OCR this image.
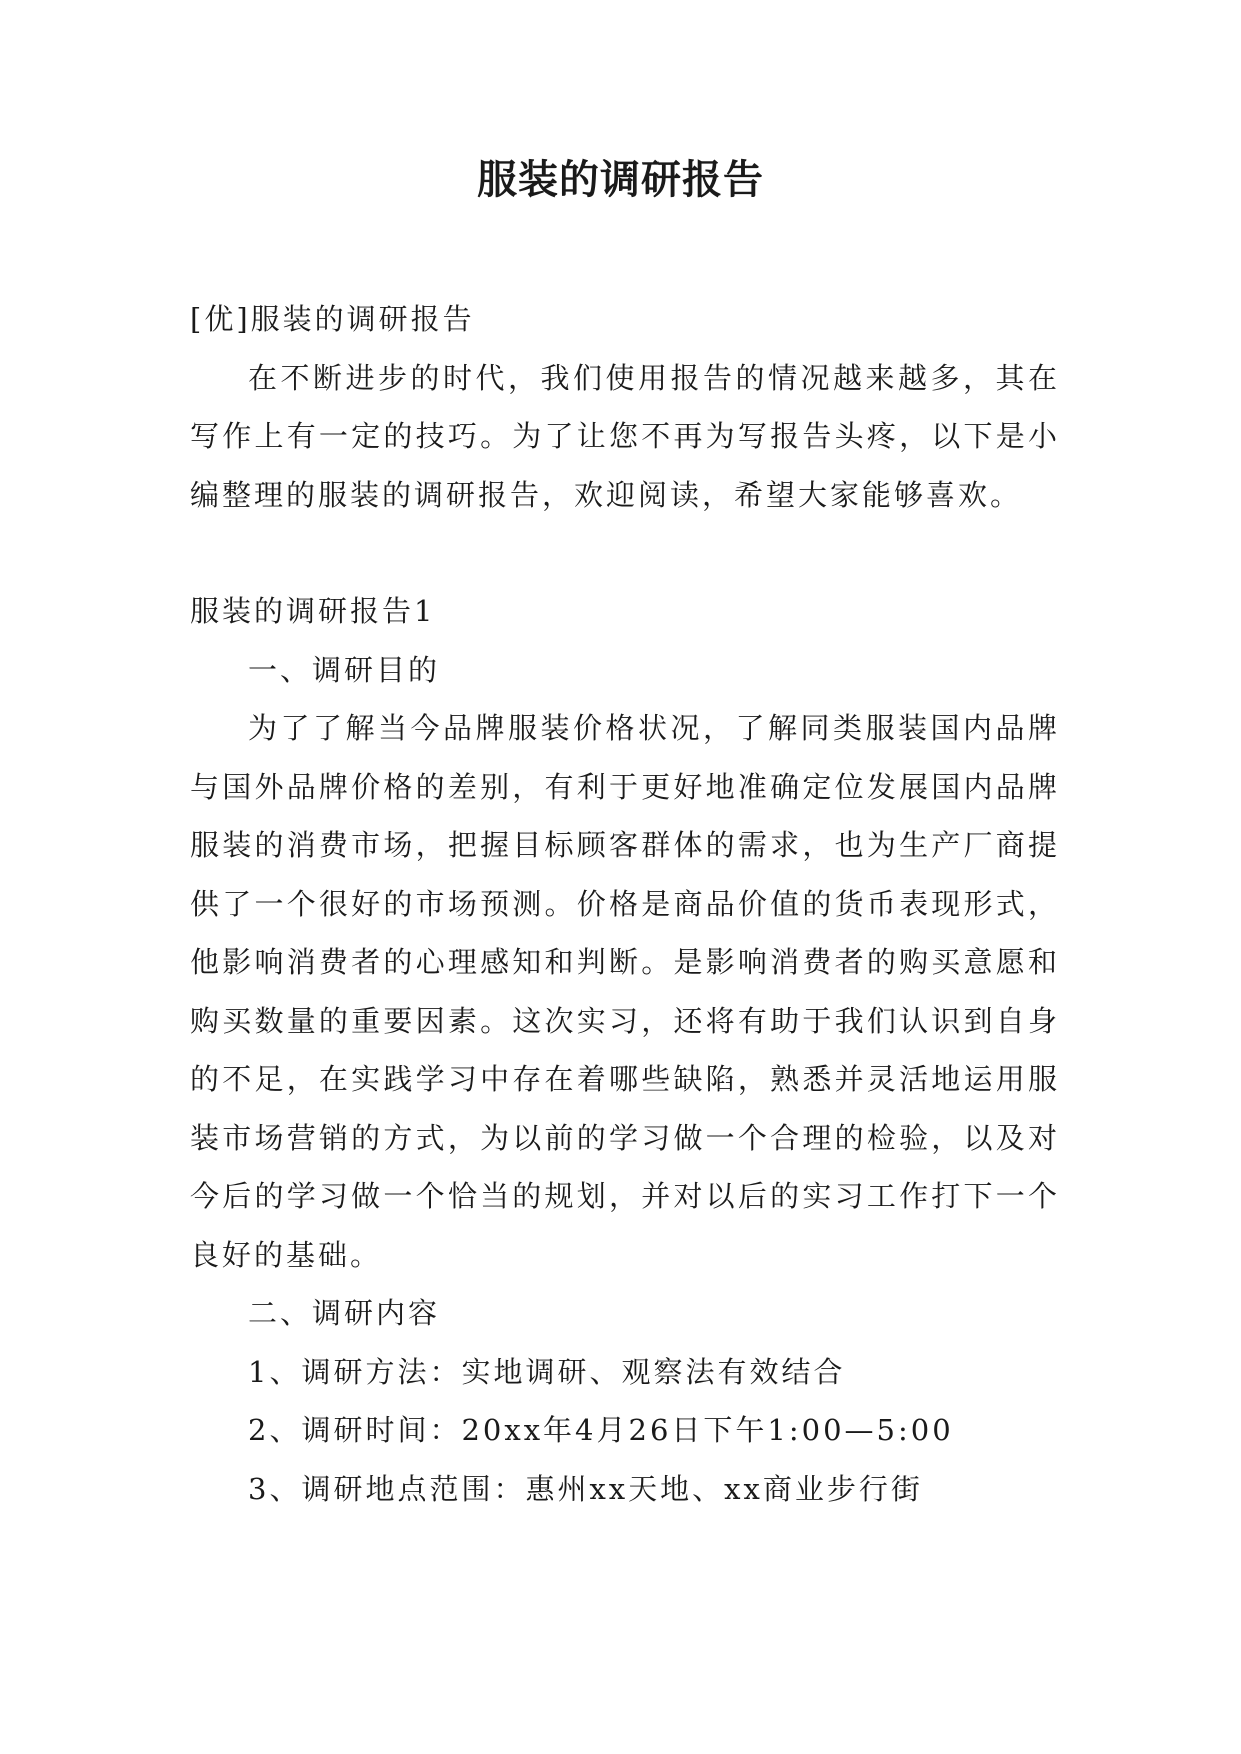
服装的调研报告

[优]服装的调研报告

在不断进步的时代，我们使用报告的情况越来越多，其在写作上有一定的技巧。为了让您不再为写报告头疼，以下是小编整理的服装的调研报告，欢迎阅读，希望大家能够喜欢。

服装的调研报告1

一、调研目的

为了了解当今品牌服装价格状况，了解同类服装国内品牌与国外品牌价格的差别，有利于更好地准确定位发展国内品牌服装的消费市场，把握目标顾客群体的需求，也为生产厂商提供了一个很好的市场预测。价格是商品价值的货币表现形式，他影响消费者的心理感知和判断。是影响消费者的购买意愿和购买数量的重要因素。这次实习，还将有助于我们认识到自身的不足，在实践学习中存在着哪些缺陷，熟悉并灵活地运用服装市场营销的方式，为以前的学习做一个合理的检验，以及对今后的学习做一个恰当的规划，并对以后的实习工作打下一个良好的基础。

二、调研内容

1、调研方法：实地调研、观察法有效结合

2、调研时间：20xx年4月26日下午1:00—5:00

3、调研地点范围：惠州xx天地、xx商业步行街
